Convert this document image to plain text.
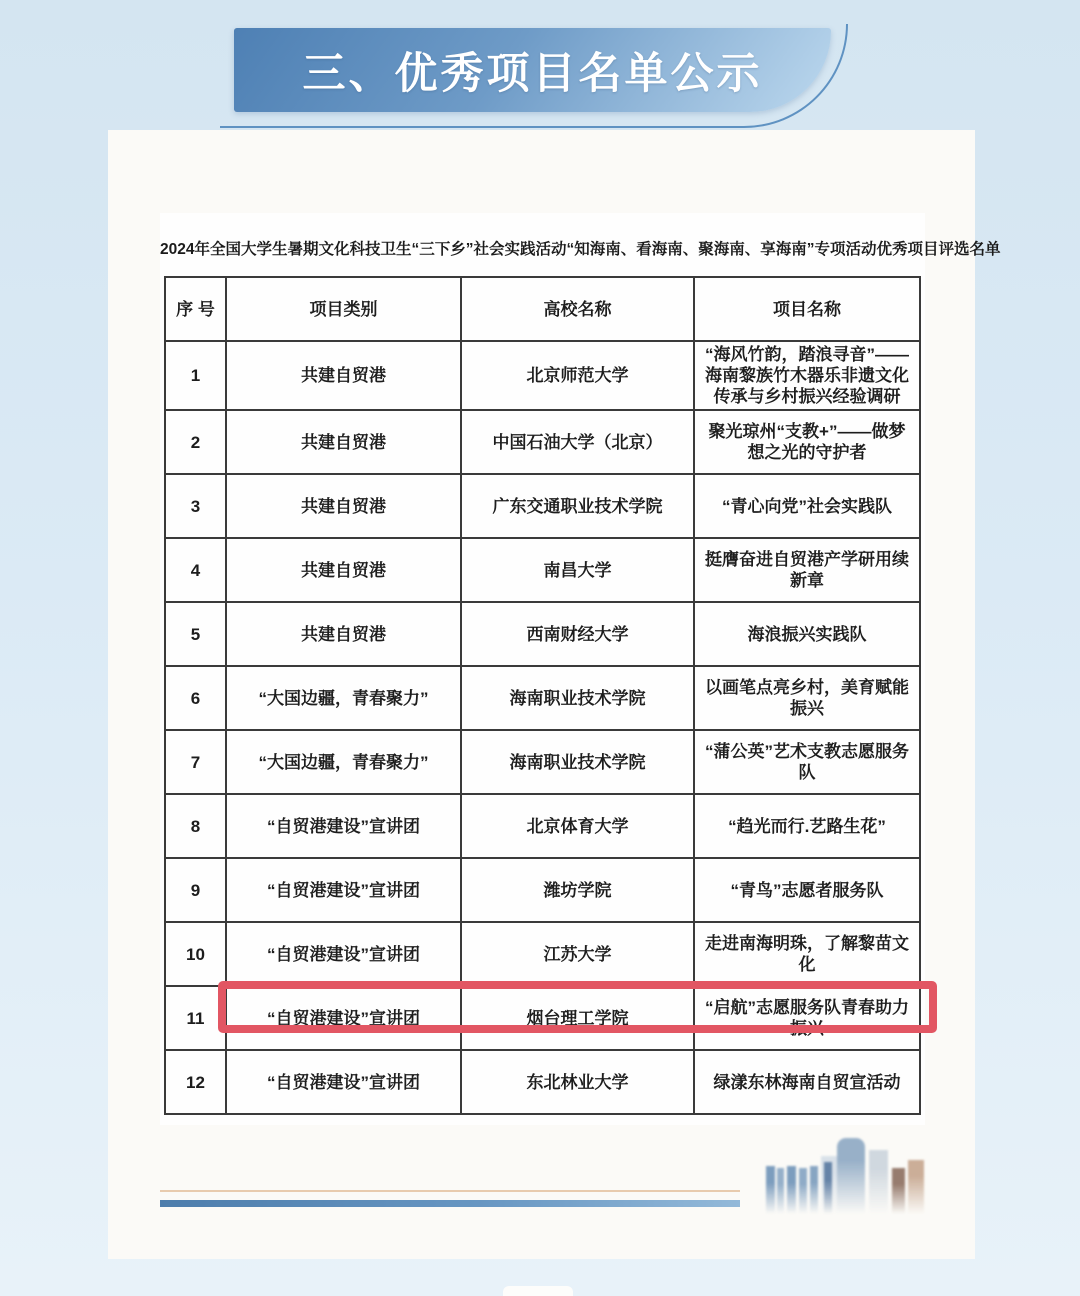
三、优秀项目名单公示
2024年全国大学生暑期文化科技卫生“三下乡”社会实践活动“知海南、看海南、聚海南、享海南”专项活动优秀项目评选名单
序 号	项目类别	高校名称	项目名称
1	共建自贸港	北京师范大学	“海风竹韵，踏浪寻音”——海南黎族竹木器乐非遗文化传承与乡村振兴经验调研
2	共建自贸港	中国石油大学（北京）	聚光琼州“支教+”——做梦想之光的守护者
3	共建自贸港	广东交通职业技术学院	“青心向党”社会实践队
4	共建自贸港	南昌大学	挺膺奋进自贸港产学研用续新章
5	共建自贸港	西南财经大学	海浪振兴实践队
6	“大国边疆，青春聚力”	海南职业技术学院	以画笔点亮乡村，美育赋能振兴
7	“大国边疆，青春聚力”	海南职业技术学院	“蒲公英”艺术支教志愿服务队
8	“自贸港建设”宣讲团	北京体育大学	“趋光而行.艺路生花”
9	“自贸港建设”宣讲团	潍坊学院	“青鸟”志愿者服务队
10	“自贸港建设”宣讲团	江苏大学	走进南海明珠，了解黎苗文化
11	“自贸港建设”宣讲团	烟台理工学院	“启航”志愿服务队青春助力振兴
12	“自贸港建设”宣讲团	东北林业大学	绿漾东林海南自贸宣活动
